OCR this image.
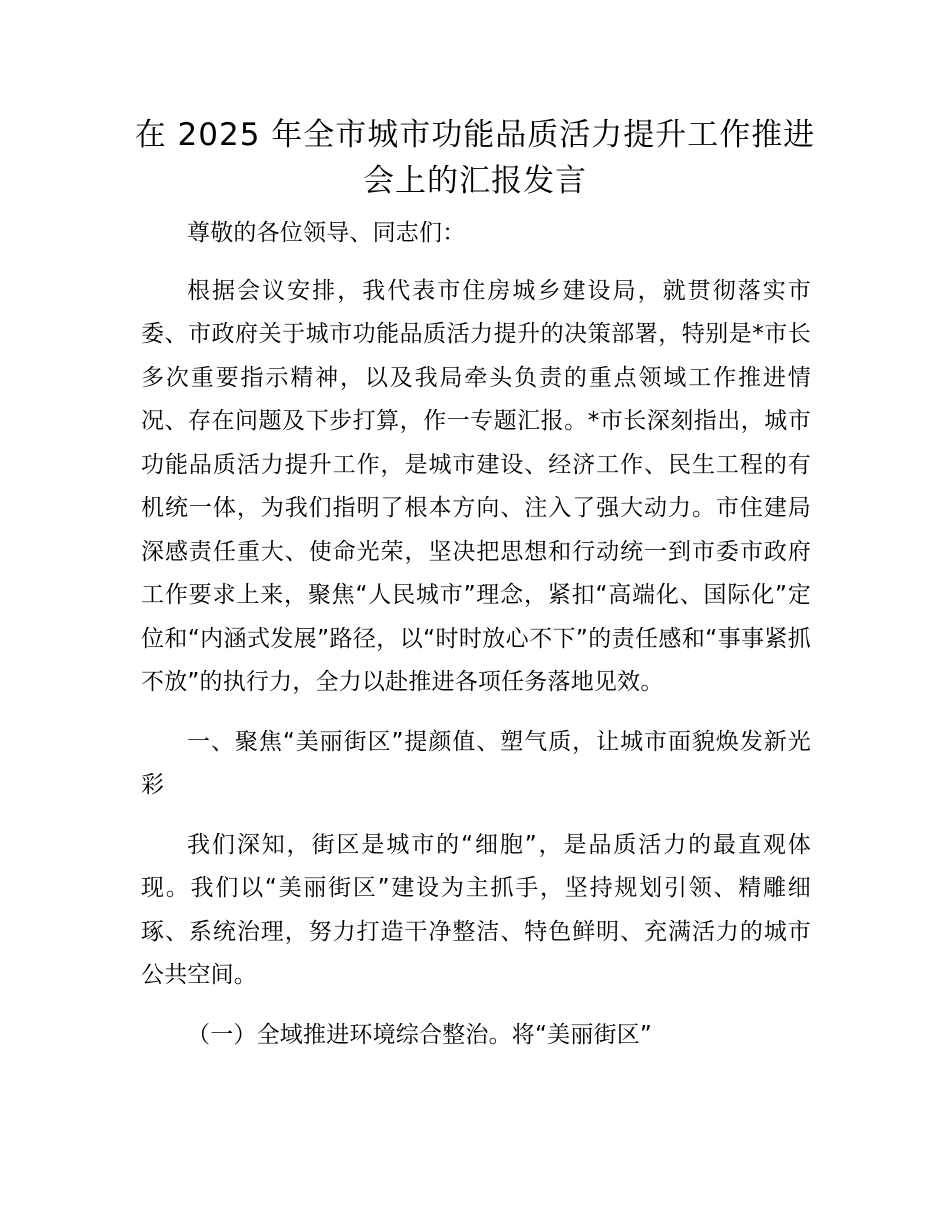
在 2025 年全市城市功能品质活力提升工作推进会上的汇报发言

尊敬的各位领导、同志们：

根据会议安排，我代表市住房城乡建设局，就贯彻落实市委、市政府关于城市功能品质活力提升的决策部署，特别是*市长多次重要指示精神，以及我局牵头负责的重点领域工作推进情况、存在问题及下步打算，作一专题汇报。*市长深刻指出，城市功能品质活力提升工作，是城市建设、经济工作、民生工程的有机统一体，为我们指明了根本方向、注入了强大动力。市住建局深感责任重大、使命光荣，坚决把思想和行动统一到市委市政府工作要求上来，聚焦“人民城市”理念，紧扣“高端化、国际化”定位和“内涵式发展”路径，以“时时放心不下”的责任感和“事事紧抓不放”的执行力，全力以赴推进各项任务落地见效。

一、聚焦“美丽街区”提颜值、塑气质，让城市面貌焕发新光彩

我们深知，街区是城市的“细胞”，是品质活力的最直观体现。我们以“美丽街区”建设为主抓手，坚持规划引领、精雕细琢、系统治理，努力打造干净整洁、特色鲜明、充满活力的城市公共空间。

（一）全域推进环境综合整治。将“美丽街区”
